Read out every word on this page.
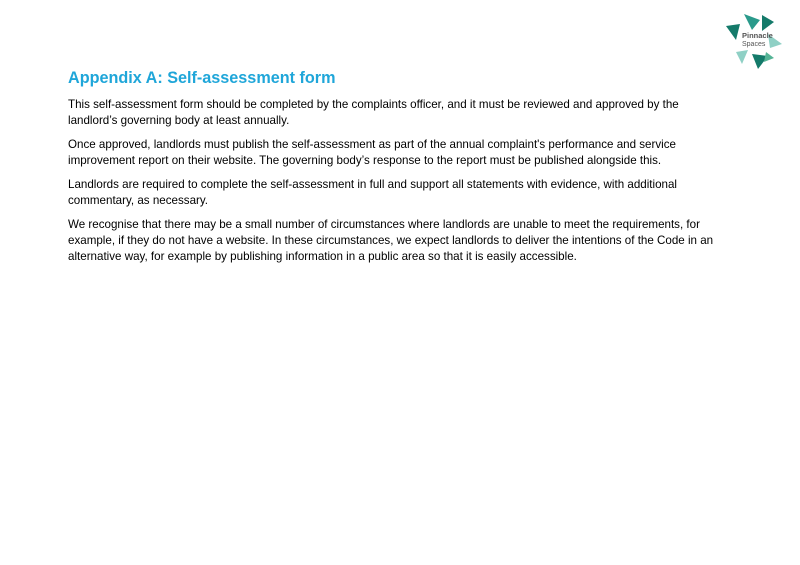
Pinnacle
Spaces
Appendix A: Self-assessment form

This self-assessment form should be completed by the complaints officer, and it must be reviewed and approved by the landlord’s governing body at least annually.

Once approved, landlords must publish the self-assessment as part of the annual complaint's performance and service improvement report on their website. The governing body’s response to the report must be published alongside this.

Landlords are required to complete the self-assessment in full and support all statements with evidence, with additional commentary, as necessary.

We recognise that there may be a small number of circumstances where landlords are unable to meet the requirements, for example, if they do not have a website. In these circumstances, we expect landlords to deliver the intentions of the Code in an alternative way, for example by publishing information in a public area so that it is easily accessible.
